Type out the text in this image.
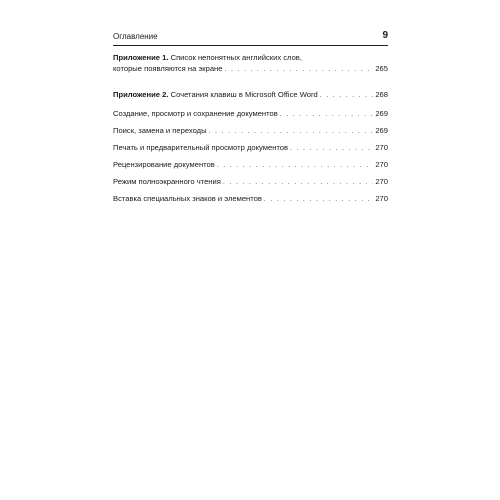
Оглавление	9
Приложение 1. Список непонятных английских слов,
которые появляются на экране . . .	265
Приложение 2. Сочетания клавиш в Microsoft Office Word . . .	268
Создание, просмотр и сохранение документов . . .	269
Поиск, замена и переходы . . .	269
Печать и предварительный просмотр документов . . .	270
Рецензирование документов . . .	270
Режим полноэкранного чтения . . .	270
Вставка специальных знаков и элементов . . .	270
